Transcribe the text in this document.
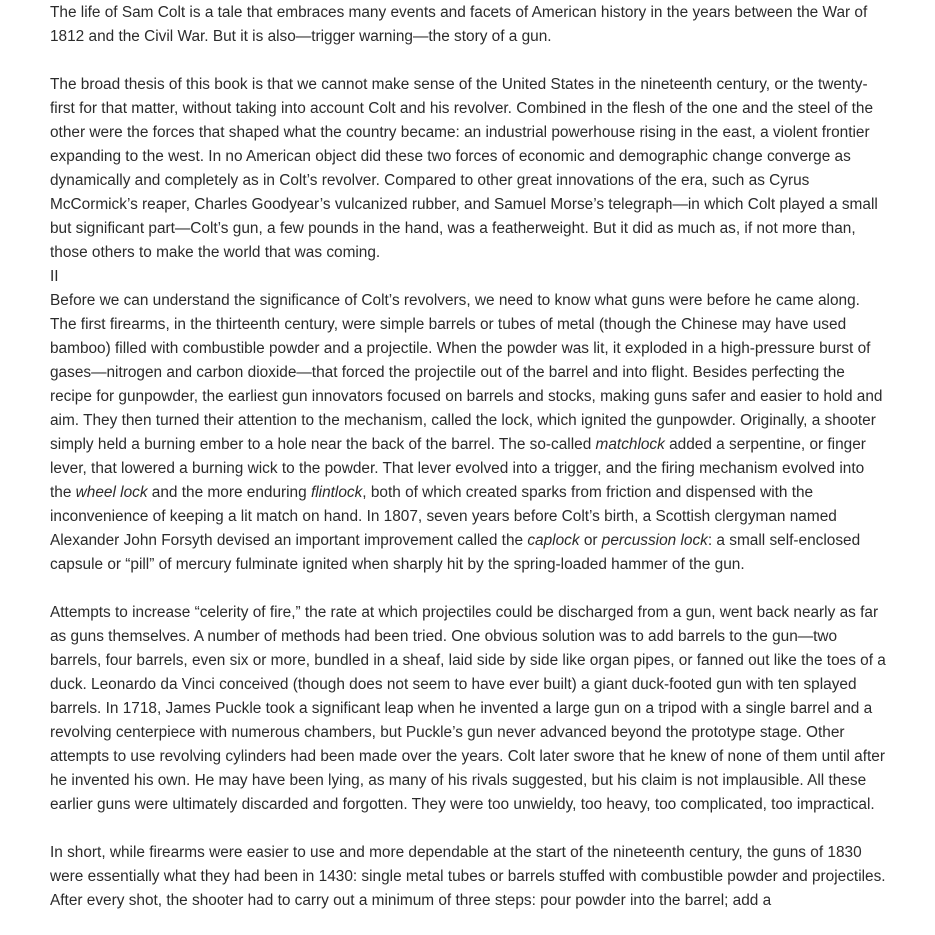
The life of Sam Colt is a tale that embraces many events and facets of American history in the years between the War of 1812 and the Civil War. But it is also—trigger warning—the story of a gun.

The broad thesis of this book is that we cannot make sense of the United States in the nineteenth century, or the twenty-first for that matter, without taking into account Colt and his revolver. Combined in the flesh of the one and the steel of the other were the forces that shaped what the country became: an industrial powerhouse rising in the east, a violent frontier expanding to the west. In no American object did these two forces of economic and demographic change converge as dynamically and completely as in Colt’s revolver. Compared to other great innovations of the era, such as Cyrus McCormick’s reaper, Charles Goodyear’s vulcanized rubber, and Samuel Morse’s telegraph—in which Colt played a small but significant part—Colt’s gun, a few pounds in the hand, was a featherweight. But it did as much as, if not more than, those others to make the world that was coming.

II

Before we can understand the significance of Colt’s revolvers, we need to know what guns were before he came along. The first firearms, in the thirteenth century, were simple barrels or tubes of metal (though the Chinese may have used bamboo) filled with combustible powder and a projectile. When the powder was lit, it exploded in a high-pressure burst of gases—nitrogen and carbon dioxide—that forced the projectile out of the barrel and into flight. Besides perfecting the recipe for gunpowder, the earliest gun innovators focused on barrels and stocks, making guns safer and easier to hold and aim. They then turned their attention to the mechanism, called the lock, which ignited the gunpowder. Originally, a shooter simply held a burning ember to a hole near the back of the barrel. The so-called matchlock added a serpentine, or finger lever, that lowered a burning wick to the powder. That lever evolved into a trigger, and the firing mechanism evolved into the wheel lock and the more enduring flintlock, both of which created sparks from friction and dispensed with the inconvenience of keeping a lit match on hand. In 1807, seven years before Colt’s birth, a Scottish clergyman named Alexander John Forsyth devised an important improvement called the caplock or percussion lock: a small self-enclosed capsule or “pill” of mercury fulminate ignited when sharply hit by the spring-loaded hammer of the gun.

Attempts to increase “celerity of fire,” the rate at which projectiles could be discharged from a gun, went back nearly as far as guns themselves. A number of methods had been tried. One obvious solution was to add barrels to the gun—two barrels, four barrels, even six or more, bundled in a sheaf, laid side by side like organ pipes, or fanned out like the toes of a duck. Leonardo da Vinci conceived (though does not seem to have ever built) a giant duck-footed gun with ten splayed barrels. In 1718, James Puckle took a significant leap when he invented a large gun on a tripod with a single barrel and a revolving centerpiece with numerous chambers, but Puckle’s gun never advanced beyond the prototype stage. Other attempts to use revolving cylinders had been made over the years. Colt later swore that he knew of none of them until after he invented his own. He may have been lying, as many of his rivals suggested, but his claim is not implausible. All these earlier guns were ultimately discarded and forgotten. They were too unwieldy, too heavy, too complicated, too impractical.

In short, while firearms were easier to use and more dependable at the start of the nineteenth century, the guns of 1830 were essentially what they had been in 1430: single metal tubes or barrels stuffed with combustible powder and projectiles. After every shot, the shooter had to carry out a minimum of three steps: pour powder into the barrel; add a
